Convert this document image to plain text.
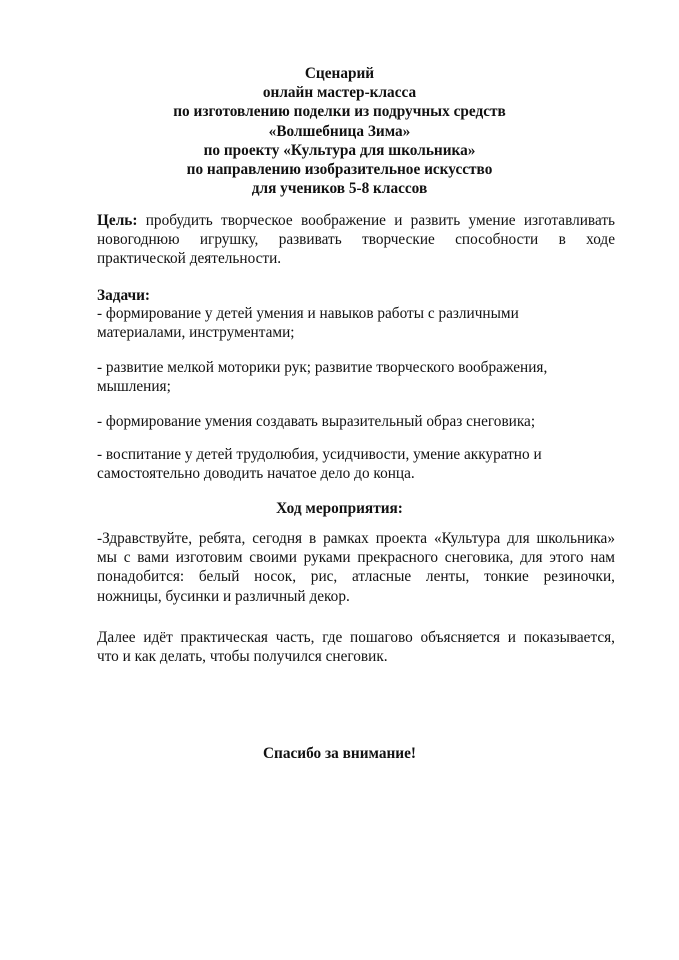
Сценарий
онлайн мастер-класса
по изготовлению поделки из подручных средств
«Волшебница Зима»
по проекту «Культура для школьника»
по направлению изобразительное искусство
для учеников 5-8 классов
Цель: пробудить творческое воображение и развить умение изготавливать
новогоднюю игрушку, развивать творческие способности в ходе
практической деятельности.
Задачи:
- формирование у детей умения и навыков работы с различными
материалами, инструментами;
- развитие мелкой моторики рук; развитие творческого воображения,
мышления;
- формирование умения создавать выразительный образ снеговика;
- воспитание у детей трудолюбия, усидчивости, умение аккуратно и
самостоятельно доводить начатое дело до конца.
Ход мероприятия:
-Здравствуйте, ребята, сегодня в рамках проекта «Культура для школьника»
мы с вами изготовим своими руками прекрасного снеговика, для этого нам
понадобится: белый носок, рис, атласные ленты, тонкие резиночки,
ножницы, бусинки и различный декор.
Далее идёт практическая часть, где пошагово объясняется и показывается,
что и как делать, чтобы получился снеговик.
Спасибо за внимание!
